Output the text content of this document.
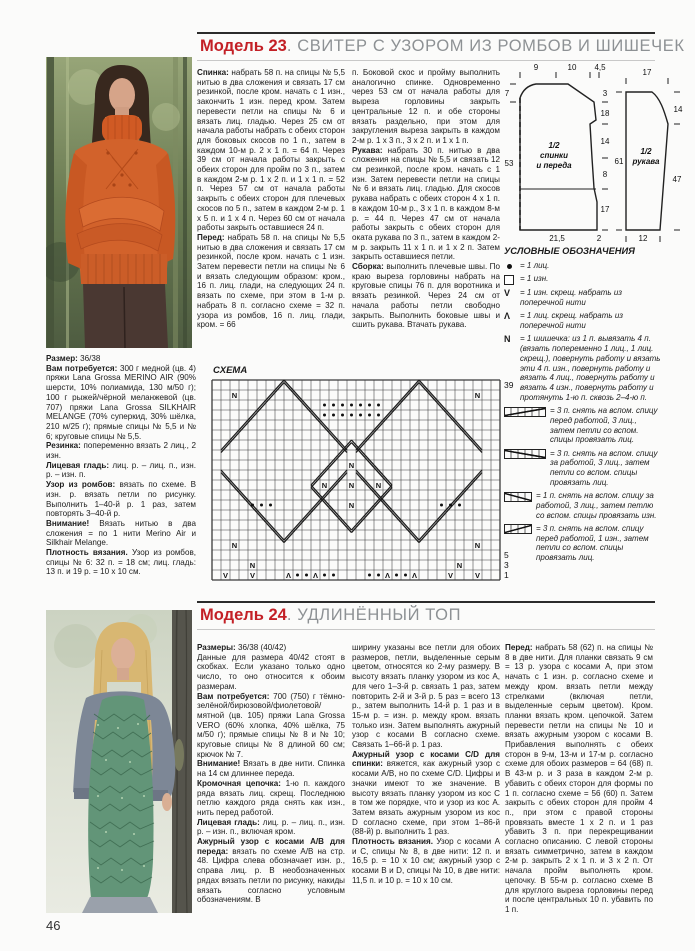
Модель 23. СВИТЕР С УЗОРОМ ИЗ РОМБОВ И ШИШЕЧЕК

Размер: 36/38

Вам потребуется: 300 г медной (цв. 4) пряжи Lana Grossa MERINO AIR (90% шерсти, 10% полиамида, 130 м/50 г); 100 г рыжей/чёрной меланжевой (цв. 707) пряжи Lana Grossa SILKHAIR MELANGE (70% суперкид, 30% шёлка, 210 м/25 г); прямые спицы № 5,5 и № 6; круговые спицы № 5,5.

Резинка: попеременно вязать 2 лиц., 2 изн.

Лицевая гладь: лиц. р. – лиц. п., изн. р. – изн. п.

Узор из ромбов: вязать по схеме. В изн. р. вязать петли по рисунку. Выполнить 1–40-й р. 1 раз, затем повторять 3–40-й р.

Внимание! Вязать нитью в два сложения = по 1 нити Merino Air и Silkhair Melange.

Плотность вязания. Узор из ромбов, спицы № 6: 32 п. = 18 см; лиц. гладь: 13 п. и 19 р. = 10 х 10 см.

Спинка: набрать 58 п. на спицы № 5,5 нитью в два сложения и связать 17 см резинкой, после кром. начать с 1 изн., закончить 1 изн. перед кром. Затем перевести петли на спицы № 6 и вязать лиц. гладью. Через 25 см от начала работы набрать с обеих сторон для боковых скосов по 1 п., затем в каждом 10-м р. 2 х 1 п. = 64 п. Через 39 см от начала работы закрыть с обеих сторон для пройм по 3 п., затем в каждом 2-м р. 1 х 2 п. и 1 х 1 п. = 52 п. Через 57 см от начала работы закрыть с обеих сторон для плечевых скосов по 5 п., затем в каждом 2-м р. 1 х 5 п. и 1 х 4 п. Через 60 см от начала работы закрыть оставшиеся 24 п.

Перед: набрать 58 п. на спицы № 5,5 нитью в два сложения и связать 17 см резинкой, после кром. начать с 1 изн. Затем перевести петли на спицы № 6 и вязать следующим образом: кром., 16 п. лиц. глади, на следующих 24 п. вязать по схеме, при этом в 1-м р. набрать 8 п. согласно схеме = 32 п. узора из ромбов, 16 п. лиц. глади, кром. = 66

п. Боковой скос и пройму выполнить аналогично спинке. Одновременно через 53 см от начала работы для выреза горловины закрыть центральные 12 п. и обе стороны вязать раздельно, при этом для закругления выреза закрыть в каждом 2-м р. 1 х 3 п., 3 х 2 п. и 1 х 1 п.

Рукава: набрать 30 п. нитью в два сложения на спицы № 5,5 и связать 12 см резинкой, после кром. начать с 1 изн. Затем перевести петли на спицы № 6 и вязать лиц. гладью. Для скосов рукава набрать с обеих сторон 4 х 1 п. в каждом 10-м р., 3 х 1 п. в каждом 8-м р. = 44 п. Через 47 см от начала работы закрыть с обеих сторон для оката рукава по 3 п., затем в каждом 2-м р. закрыть 11 х 1 п. и 1 х 2 п. Затем закрыть оставшиеся петли.

Сборка: выполнить плечевые швы. По краю выреза горловины набрать на круговые спицы 76 п. для воротника и вязать резинкой. Через 24 см от начала работы петли свободно закрыть. Выполнить боковые швы и сшить рукава. Втачать рукава.

9	10 4,5
7
53
3
18
14
8
17
21,5	2
1/2
спинки
и переда
17
61
14
47
12
1/2
рукава
СХЕМА
N	N
N
N	N	N
N
N	N
N	N
V	V	Λ	Λ	Λ	Λ	V	V
39
5
3
1

УСЛОВНЫЕ ОБОЗНАЧЕНИЯ

= 1 лиц.
= 1 изн.
V = 1 изн. скрещ. набрать из поперечной нити
Λ = 1 лиц. скрещ. набрать из поперечной нити
N = 1 шишечка: из 1 п. вывязать 4 п. (вязать попеременно 1 лиц., 1 лиц. скрещ.), повернуть работу и вязать эти 4 п. изн., повернуть работу и вязать 4 лиц., повернуть работу и вязать 4 изн., повернуть работу и протянуть 1-ю п. сквозь 2–4-ю п.
= 3 п. снять на вспом. спицу перед работой, 3 лиц., затем петли со вспом. спицы провязать лиц.
= 3 п. снять на вспом. спицу за работой, 3 лиц., затем петли со вспом. спицы провязать лиц.
= 1 п. снять на вспом. спицу за работой, 3 лиц., затем петлю со вспом. спицы провязать изн.
= 3 п. снять на вспом. спицу перед работой, 1 изн., затем петли со вспом. спицы провязать лиц.
Модель 24. УДЛИНЁННЫЙ ТОП

Размеры: 36/38 (40/42)

Данные для размера 40/42 стоят в скобках. Если указано только одно число, то оно относится к обоим размерам.

Вам потребуется: 700 (750) г тёмно-зелёной/бирюзовой/фиолетовой/мятной (цв. 105) пряжи Lana Grossa VERO (60% хлопка, 40% шёлка, 75 м/50 г); прямые спицы № 8 и № 10; круговые спицы № 8 длиной 60 см; крючок № 7.

Внимание! Вязать в две нити. Спинка на 14 см длиннее переда.

Кромочная цепочка: 1-ю п. каждого ряда вязать лиц. скрещ. Последнюю петлю каждого ряда снять как изн., нить перед работой.

Лицевая гладь: лиц. р. – лиц. п., изн. р. – изн. п., включая кром.

Ажурный узор с косами А/В для переда: вязать по схеме А/В на стр. 48. Цифра слева обозначает изн. р., справа лиц. р. В необозначенных рядах вязать петли по рисунку, накиды вязать согласно условным обозначениям. В

ширину указаны все петли для обоих размеров, петли, выделенные серым цветом, относятся ко 2-му размеру. В высоту вязать планку узором из кос А, для чего 1–3-й р. связать 1 раз, затем повторить 2-й и 3-й р. 5 раз = всего 13 р., затем выполнить 14-й р. 1 раз и в 15-м р. = изн. р. между кром. вязать только изн. Затем выполнять ажурный узор с косами В согласно схеме. Связать 1–66-й р. 1 раз.

Ажурный узор с косами C/D для спинки: вяжется, как ажурный узор с косами А/В, но по схеме C/D. Цифры и значки имеют то же значение. В высоту вязать планку узором из кос С в том же порядке, что и узор из кос А. Затем вязать ажурным узором из кос D согласно схеме, при этом 1–86-й (88-й) р. выполнить 1 раз.

Плотность вязания. Узор с косами А и С, спицы № 8, в две нити: 12 п. и 16,5 р. = 10 х 10 см; ажурный узор с косами В и D, спицы № 10, в две нити: 11,5 п. и 10 р. = 10 х 10 см.

Перед: набрать 58 (62) п. на спицы № 8 в две нити. Для планки связать 9 см = 13 р. узора с косами А, при этом начать с 1 изн. р. согласно схеме и между кром. вязать петли между стрелками (включая петли, выделенные серым цветом). Кром. планки вязать кром. цепочкой. Затем перевести петли на спицы № 10 и вязать ажурным узором с косами В. Прибавления выполнять с обеих сторон в 9-м, 13-м и 17-м р. согласно схеме для обоих размеров = 64 (68) п. В 43-м р. и 3 раза в каждом 2-м р. убавить с обеих сторон для формы по 1 п. согласно схеме = 56 (60) п. Затем закрыть с обеих сторон для пройм 4 п., при этом с правой стороны провязать вместе 1 х 2 п. и 1 раз убавить 3 п. при перекрещивании согласно описанию. С левой стороны вязать симметрично, затем в каждом 2-м р. закрыть 2 х 1 п. и 3 х 2 п. От начала пройм выполнять кром. цепочку. В 55-м р. согласно схеме В для круглого выреза горловины перед и после центральных 10 п. убавить по 1 п.

46
